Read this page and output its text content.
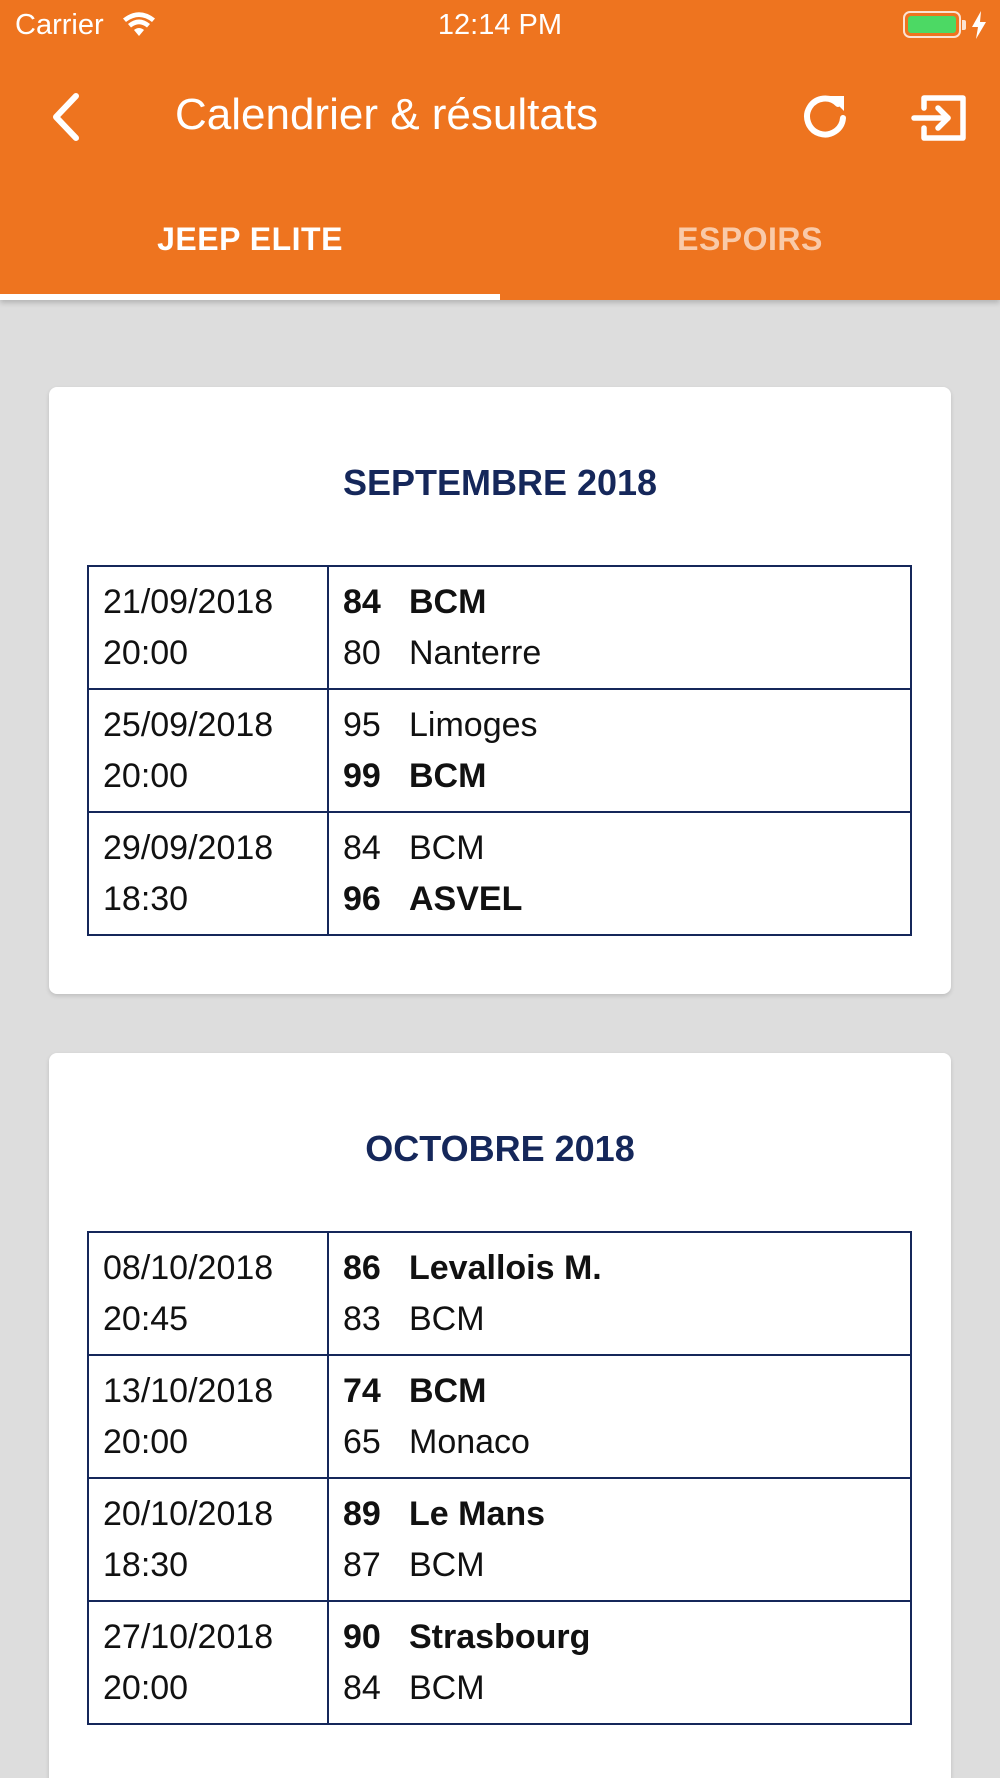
Carrier	12:14 PM
Calendrier & résultats
JEEP ELITE	ESPOIRS
SEPTEMBRE 2018
21/09/2018
20:00	84 BCM
80 Nanterre

25/09/2018
20:00	95 Limoges
99 BCM

29/09/2018
18:30	84 BCM
96 ASVEL
OCTOBRE 2018
08/10/2018
20:45	86 Levallois M.
83 BCM

13/10/2018
20:00	74 BCM
65 Monaco

20/10/2018
18:30	89 Le Mans
87 BCM

27/10/2018
20:00	90 Strasbourg
84 BCM
